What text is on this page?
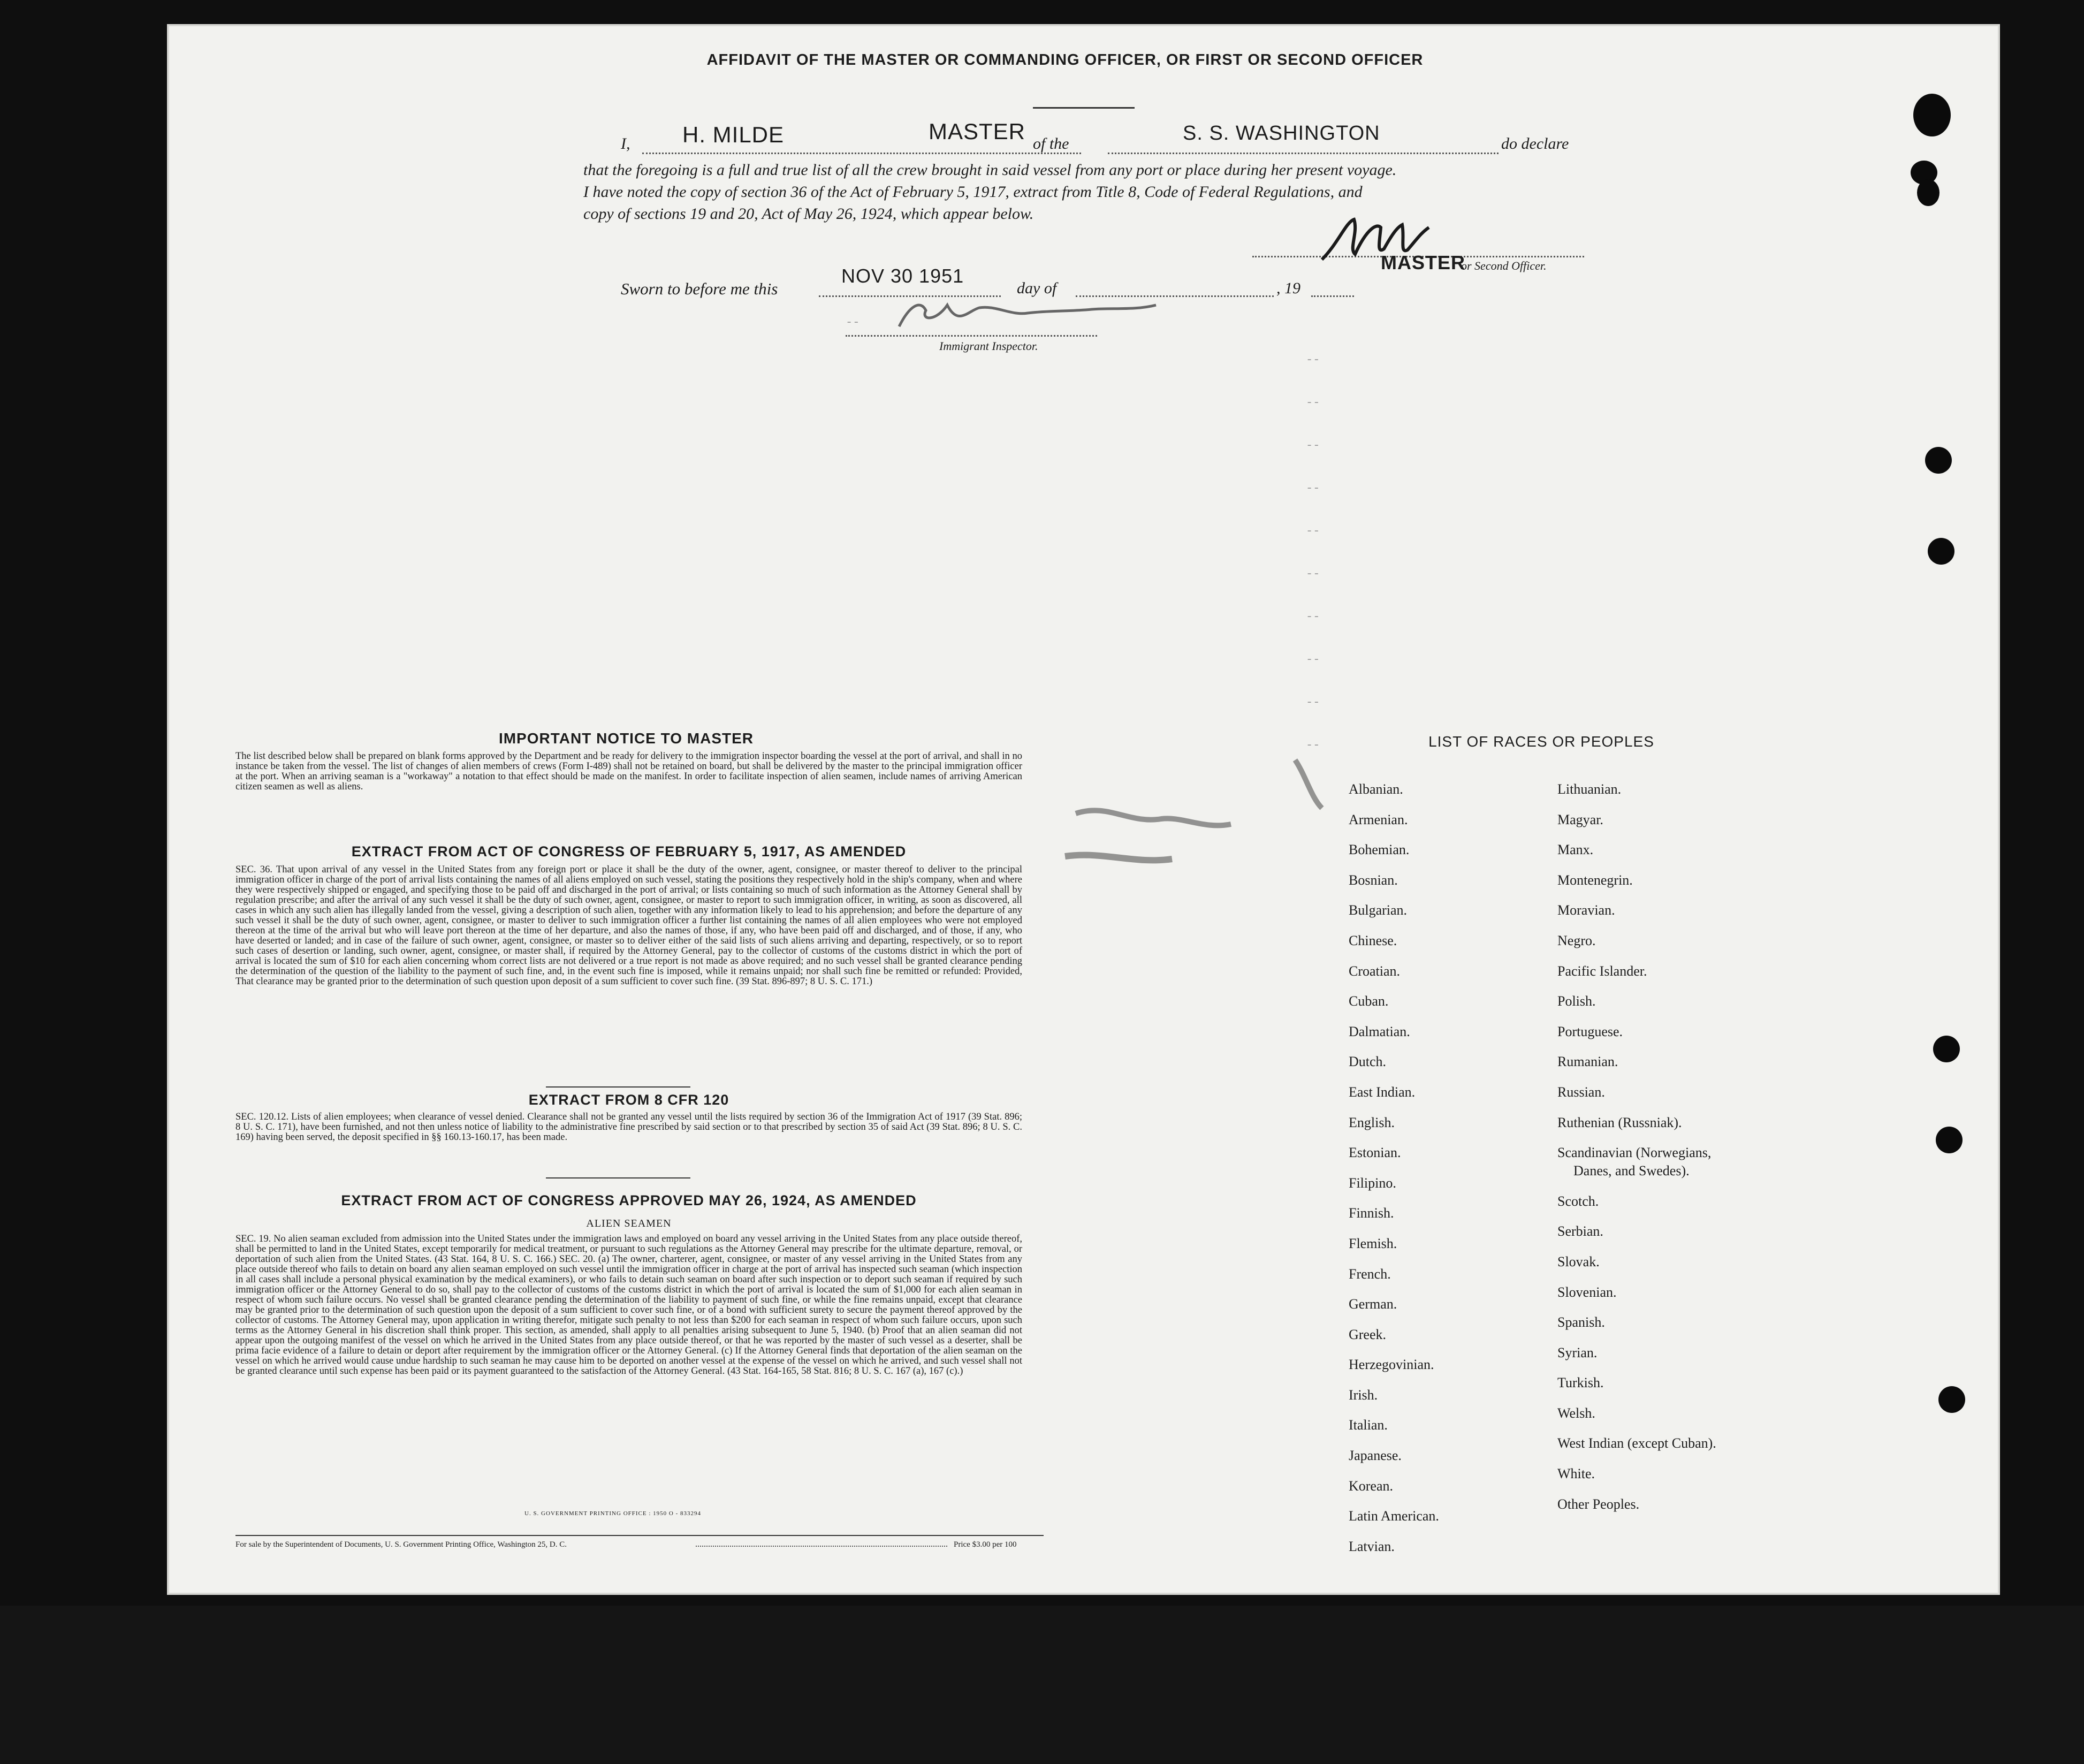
--
--
--
--
--
--
--
--
--
--
--
AFFIDAVIT OF THE MASTER OR COMMANDING OFFICER, OR FIRST OR SECOND OFFICER
I, H. MILDE	MASTER of the	S. S. WASHINGTON	do declare
that the foregoing is a full and true list of all the crew brought in said vessel from any port or place during her present voyage.
I have noted the copy of section 36 of the Act of February 5, 1917, extract from Title 8, Code of Federal Regulations, and
copy of sections 19 and 20, Act of May 26, 1924, which appear below.
MASTER
or Second Officer.
Sworn to before me this
NOV 30 1951
day of	, 19
Immigrant Inspector.
IMPORTANT NOTICE TO MASTER
The list described below shall be prepared on blank forms approved by the Department and be ready for delivery to the immigration inspector boarding the vessel at the port of arrival, and shall in no instance be taken from the vessel. The list of changes of alien members of crews (Form I-489) shall not be retained on board, but shall be delivered by the master to the principal immigration officer at the port. When an arriving seaman is a "workaway" a notation to that effect should be made on the manifest. In order to facilitate inspection of alien seamen, include names of arriving American citizen seamen as well as aliens.
EXTRACT FROM ACT OF CONGRESS OF FEBRUARY 5, 1917, AS AMENDED
SEC. 36. That upon arrival of any vessel in the United States from any foreign port or place it shall be the duty of the owner, agent, consignee, or master thereof to deliver to the principal immigration officer in charge of the port of arrival lists containing the names of all aliens employed on such vessel, stating the positions they respectively hold in the ship's company, when and where they were respectively shipped or engaged, and specifying those to be paid off and discharged in the port of arrival; or lists containing so much of such information as the Attorney General shall by regulation prescribe; and after the arrival of any such vessel it shall be the duty of such owner, agent, consignee, or master to report to such immigration officer, in writing, as soon as discovered, all cases in which any such alien has illegally landed from the vessel, giving a description of such alien, together with any information likely to lead to his apprehension; and before the departure of any such vessel it shall be the duty of such owner, agent, consignee, or master to deliver to such immigration officer a further list containing the names of all alien employees who were not employed thereon at the time of the arrival but who will leave port thereon at the time of her departure, and also the names of those, if any, who have been paid off and discharged, and of those, if any, who have deserted or landed; and in case of the failure of such owner, agent, consignee, or master so to deliver either of the said lists of such aliens arriving and departing, respectively, or so to report such cases of desertion or landing, such owner, agent, consignee, or master shall, if required by the Attorney General, pay to the collector of customs of the customs district in which the port of arrival is located the sum of $10 for each alien concerning whom correct lists are not delivered or a true report is not made as above required; and no such vessel shall be granted clearance pending the determination of the question of the liability to the payment of such fine, and, in the event such fine is imposed, while it remains unpaid; nor shall such fine be remitted or refunded: Provided, That clearance may be granted prior to the determination of such question upon deposit of a sum sufficient to cover such fine. (39 Stat. 896-897; 8 U. S. C. 171.)
EXTRACT FROM 8 CFR 120
SEC. 120.12. Lists of alien employees; when clearance of vessel denied. Clearance shall not be granted any vessel until the lists required by section 36 of the Immigration Act of 1917 (39 Stat. 896; 8 U. S. C. 171), have been furnished, and not then unless notice of liability to the administrative fine prescribed by said section or to that prescribed by section 35 of said Act (39 Stat. 896; 8 U. S. C. 169) having been served, the deposit specified in §§ 160.13-160.17, has been made.
EXTRACT FROM ACT OF CONGRESS APPROVED MAY 26, 1924, AS AMENDED
ALIEN SEAMEN
SEC. 19. No alien seaman excluded from admission into the United States under the immigration laws and employed on board any vessel arriving in the United States from any place outside thereof, shall be permitted to land in the United States, except temporarily for medical treatment, or pursuant to such regulations as the Attorney General may prescribe for the ultimate departure, removal, or deportation of such alien from the United States. (43 Stat. 164, 8 U. S. C. 166.) SEC. 20. (a) The owner, charterer, agent, consignee, or master of any vessel arriving in the United States from any place outside thereof who fails to detain on board any alien seaman employed on such vessel until the immigration officer in charge at the port of arrival has inspected such seaman (which inspection in all cases shall include a personal physical examination by the medical examiners), or who fails to detain such seaman on board after such inspection or to deport such seaman if required by such immigration officer or the Attorney General to do so, shall pay to the collector of customs of the customs district in which the port of arrival is located the sum of $1,000 for each alien seaman in respect of whom such failure occurs. No vessel shall be granted clearance pending the determination of the liability to payment of such fine, or while the fine remains unpaid, except that clearance may be granted prior to the determination of such question upon the deposit of a sum sufficient to cover such fine, or of a bond with sufficient surety to secure the payment thereof approved by the collector of customs. The Attorney General may, upon application in writing therefor, mitigate such penalty to not less than $200 for each seaman in respect of whom such failure occurs, upon such terms as the Attorney General in his discretion shall think proper. This section, as amended, shall apply to all penalties arising subsequent to June 5, 1940. (b) Proof that an alien seaman did not appear upon the outgoing manifest of the vessel on which he arrived in the United States from any place outside thereof, or that he was reported by the master of such vessel as a deserter, shall be prima facie evidence of a failure to detain or deport after requirement by the immigration officer or the Attorney General. (c) If the Attorney General finds that deportation of the alien seaman on the vessel on which he arrived would cause undue hardship to such seaman he may cause him to be deported on another vessel at the expense of the vessel on which he arrived, and such vessel shall not be granted clearance until such expense has been paid or its payment guaranteed to the satisfaction of the Attorney General. (43 Stat. 164-165, 58 Stat. 816; 8 U. S. C. 167 (a), 167 (c).)
U. S. GOVERNMENT PRINTING OFFICE : 1950 O - 833294
For sale by the Superintendent of Documents, U. S. Government Printing Office, Washington 25, D. C.	Price $3.00 per 100
LIST OF RACES OR PEOPLES
Albanian.
Armenian.
Bohemian.
Bosnian.
Bulgarian.
Chinese.
Croatian.
Cuban.
Dalmatian.
Dutch.
East Indian.
English.
Estonian.
Filipino.
Finnish.
Flemish.
French.
German.
Greek.
Herzegovinian.
Irish.
Italian.
Japanese.
Korean.
Latin American.
Latvian.
Lithuanian.
Magyar.
Manx.
Montenegrin.
Moravian.
Negro.
Pacific Islander.
Polish.
Portuguese.
Rumanian.
Russian.
Ruthenian (Russniak).
Scandinavian (Norwegians,
Danes, and Swedes).
Scotch.
Serbian.
Slovak.
Slovenian.
Spanish.
Syrian.
Turkish.
Welsh.
West Indian (except Cuban).
White.
Other Peoples.
